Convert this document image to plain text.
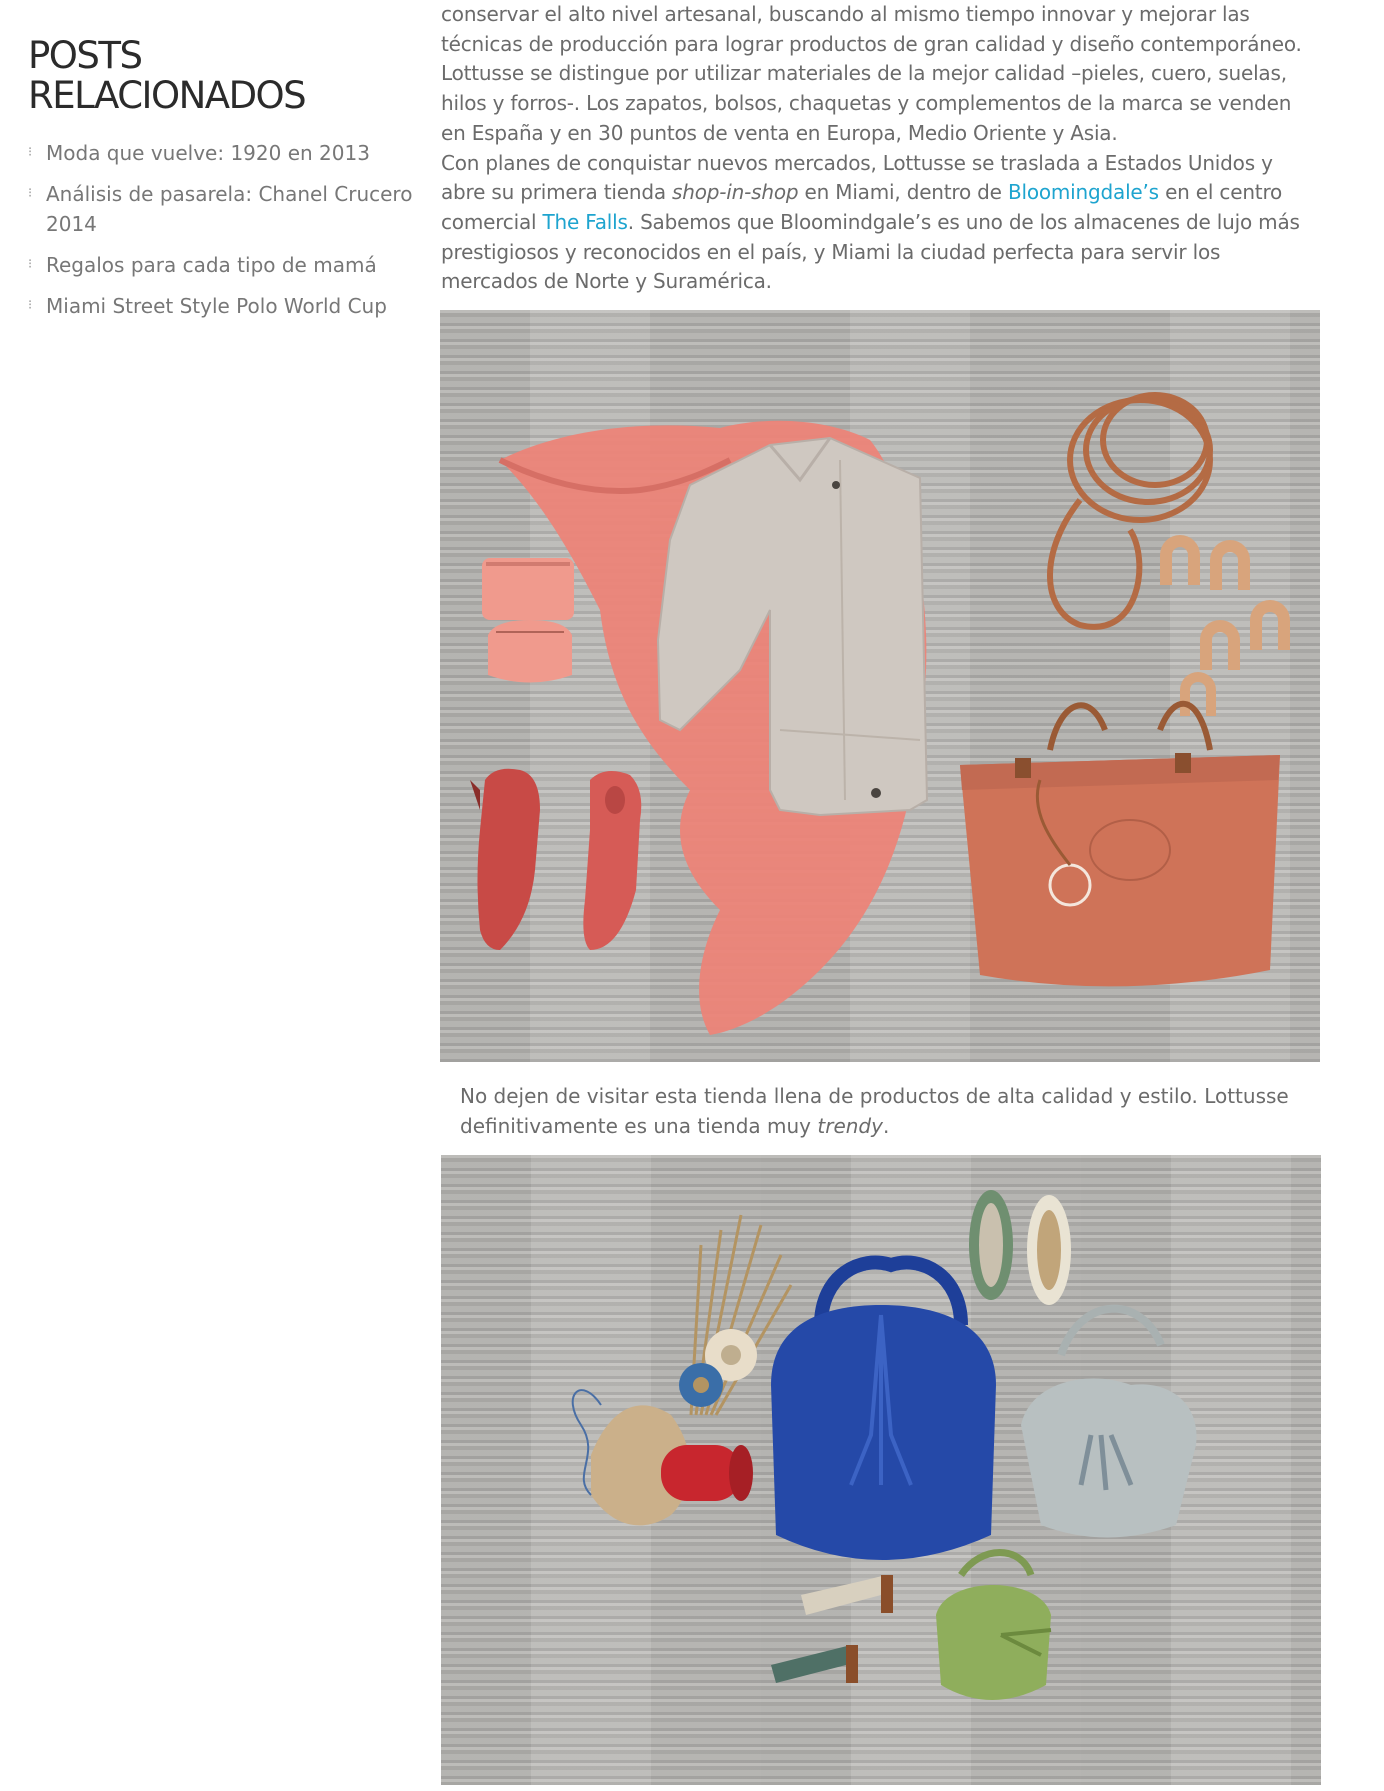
POSTS RELACIONADOS
⁝ Moda que vuelve: 1920 en 2013
⁝ Análisis de pasarela: Chanel Crucero 2014
⁝ Regalos para cada tipo de mamá
⁝ Miami Street Style Polo World Cup

conservar el alto nivel artesanal, buscando al mismo tiempo innovar y mejorar las técnicas de producción para lograr productos de gran calidad y diseño contemporáneo.

Lottusse se distingue por utilizar materiales de la mejor calidad –pieles, cuero, suelas, hilos y forros-. Los zapatos, bolsos, chaquetas y complementos de la marca se venden en España y en 30 puntos de venta en Europa, Medio Oriente y Asia.

Con planes de conquistar nuevos mercados, Lottusse se traslada a Estados Unidos y abre su primera tienda shop-in-shop en Miami, dentro de Bloomingdale’s en el centro comercial The Falls. Sabemos que Bloomindgale’s es uno de los almacenes de lujo más prestigiosos y reconocidos en el país, y Miami la ciudad perfecta para servir los mercados de Norte y Suramérica.

No dejen de visitar esta tienda llena de productos de alta calidad y estilo. Lottusse definitivamente es una tienda muy trendy.
